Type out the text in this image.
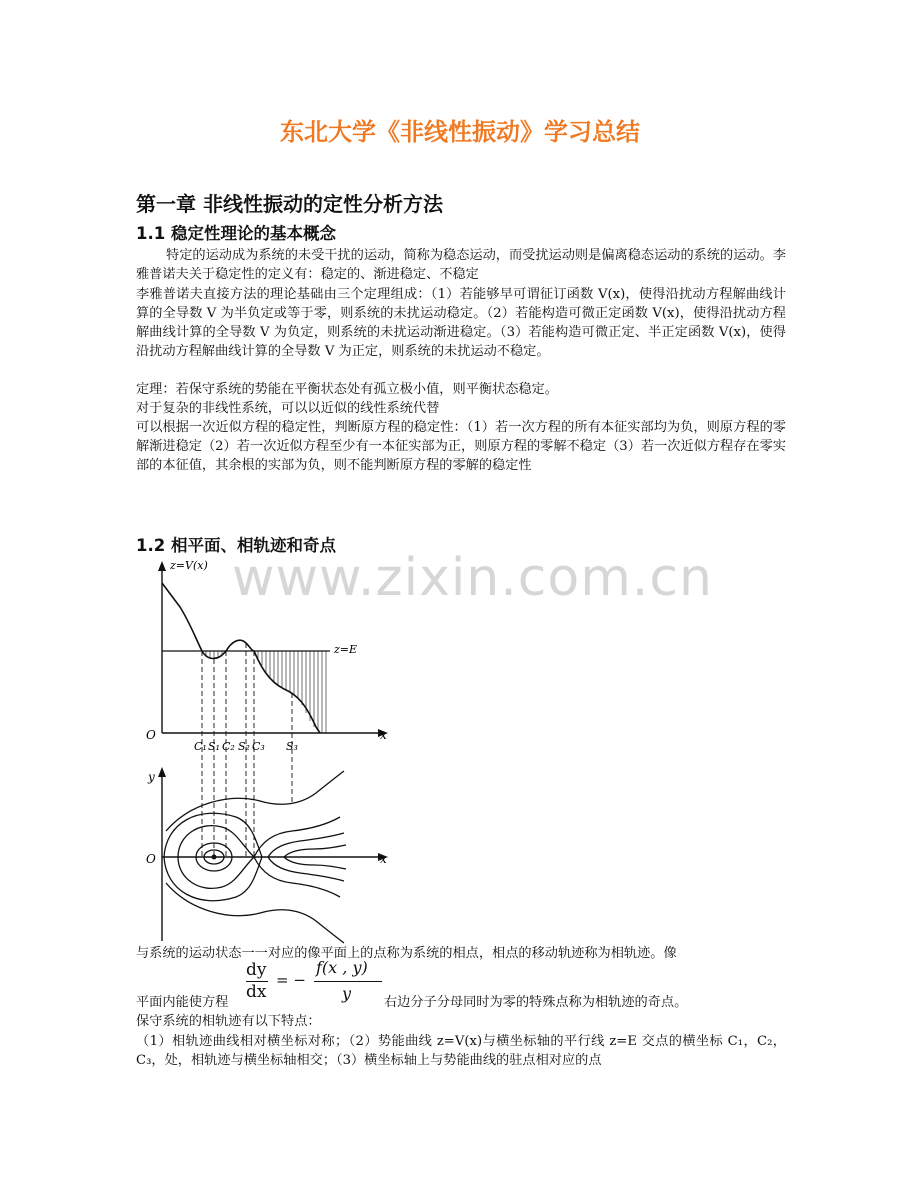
东北大学《非线性振动》学习总结
第一章 非线性振动的定性分析方法
1.1 稳定性理论的基本概念

特定的运动成为系统的未受干扰的运动，简称为稳态运动，而受扰运动则是偏离稳态运动的系统的运动。李雅普诺夫关于稳定性的定义有：稳定的、渐进稳定、不稳定

李雅普诺夫直接方法的理论基础由三个定理组成：（1）若能够早可谓征订函数 V(x)，使得沿扰动方程解曲线计算的全导数 V 为半负定或等于零，则系统的未扰运动稳定。（2）若能构造可微正定函数 V(x)，使得沿扰动方程解曲线计算的全导数 V 为负定，则系统的未扰运动渐进稳定。（3）若能构造可微正定、半正定函数 V(x)，使得沿扰动方程解曲线计算的全导数 V 为正定，则系统的未扰运动不稳定。

定理：若保守系统的势能在平衡状态处有孤立极小值，则平衡状态稳定。

对于复杂的非线性系统，可以以近似的线性系统代替

可以根据一次近似方程的稳定性，判断原方程的稳定性：（1）若一次方程的所有本征实部均为负，则原方程的零解渐进稳定（2）若一次近似方程至少有一本征实部为正，则原方程的零解不稳定（3）若一次近似方程存在零实部的本征值，其余根的实部为负，则不能判断原方程的零解的稳定性

1.2 相平面、相轨迹和奇点
www.zixin.com.cn
z=V(x)
O	x
z=E
C₁ S₁ C₂ S₂ C₃ S₃
y
O	x

与系统的运动状态一一对应的像平面上的点称为系统的相点，相点的移动轨迹称为相轨迹。像

平面内能使方程
dy
dx
= −
f(x , y)
y 右边分子分母同时为零的特殊点称为相轨迹的奇点。

保守系统的相轨迹有以下特点：

（1）相轨迹曲线相对横坐标对称；（2）势能曲线 z=V(x)与横坐标轴的平行线 z=E 交点的横坐标 C₁，C₂，C₃，处，相轨迹与横坐标轴相交；（3）横坐标轴上与势能曲线的驻点相对应的点
